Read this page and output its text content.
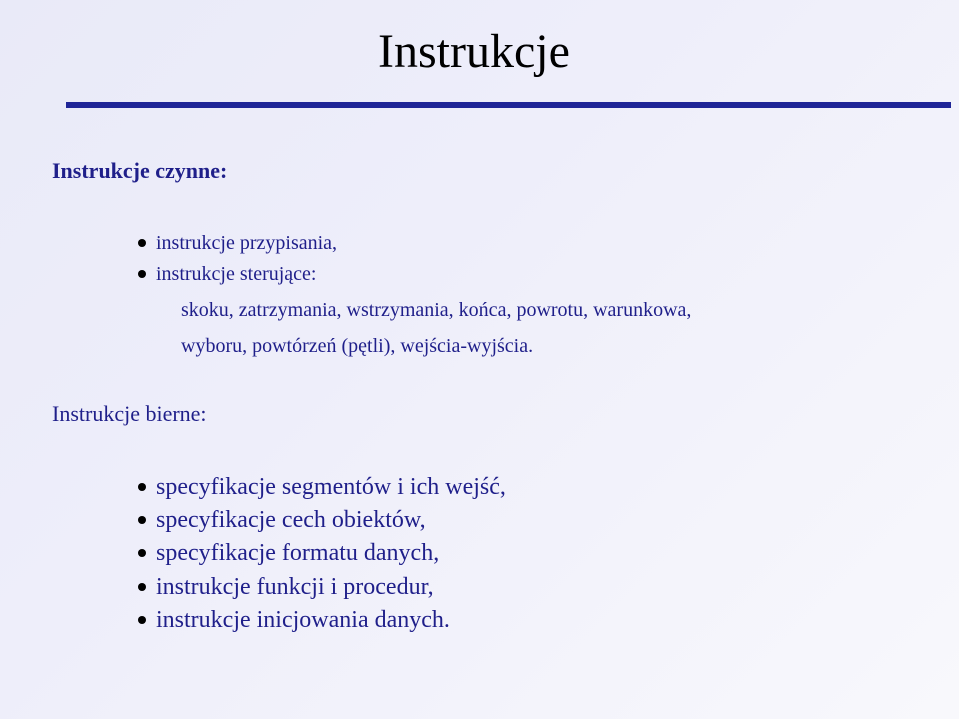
Instrukcje
Instrukcje czynne:
instrukcje przypisania,
instrukcje sterujące:
skoku, zatrzymania, wstrzymania, końca, powrotu, warunkowa,
wyboru, powtórzeń (pętli), wejścia-wyjścia.
Instrukcje bierne:
specyfikacje segmentów i ich wejść,
specyfikacje cech obiektów,
specyfikacje formatu danych,
instrukcje funkcji i procedur,
instrukcje inicjowania danych.
